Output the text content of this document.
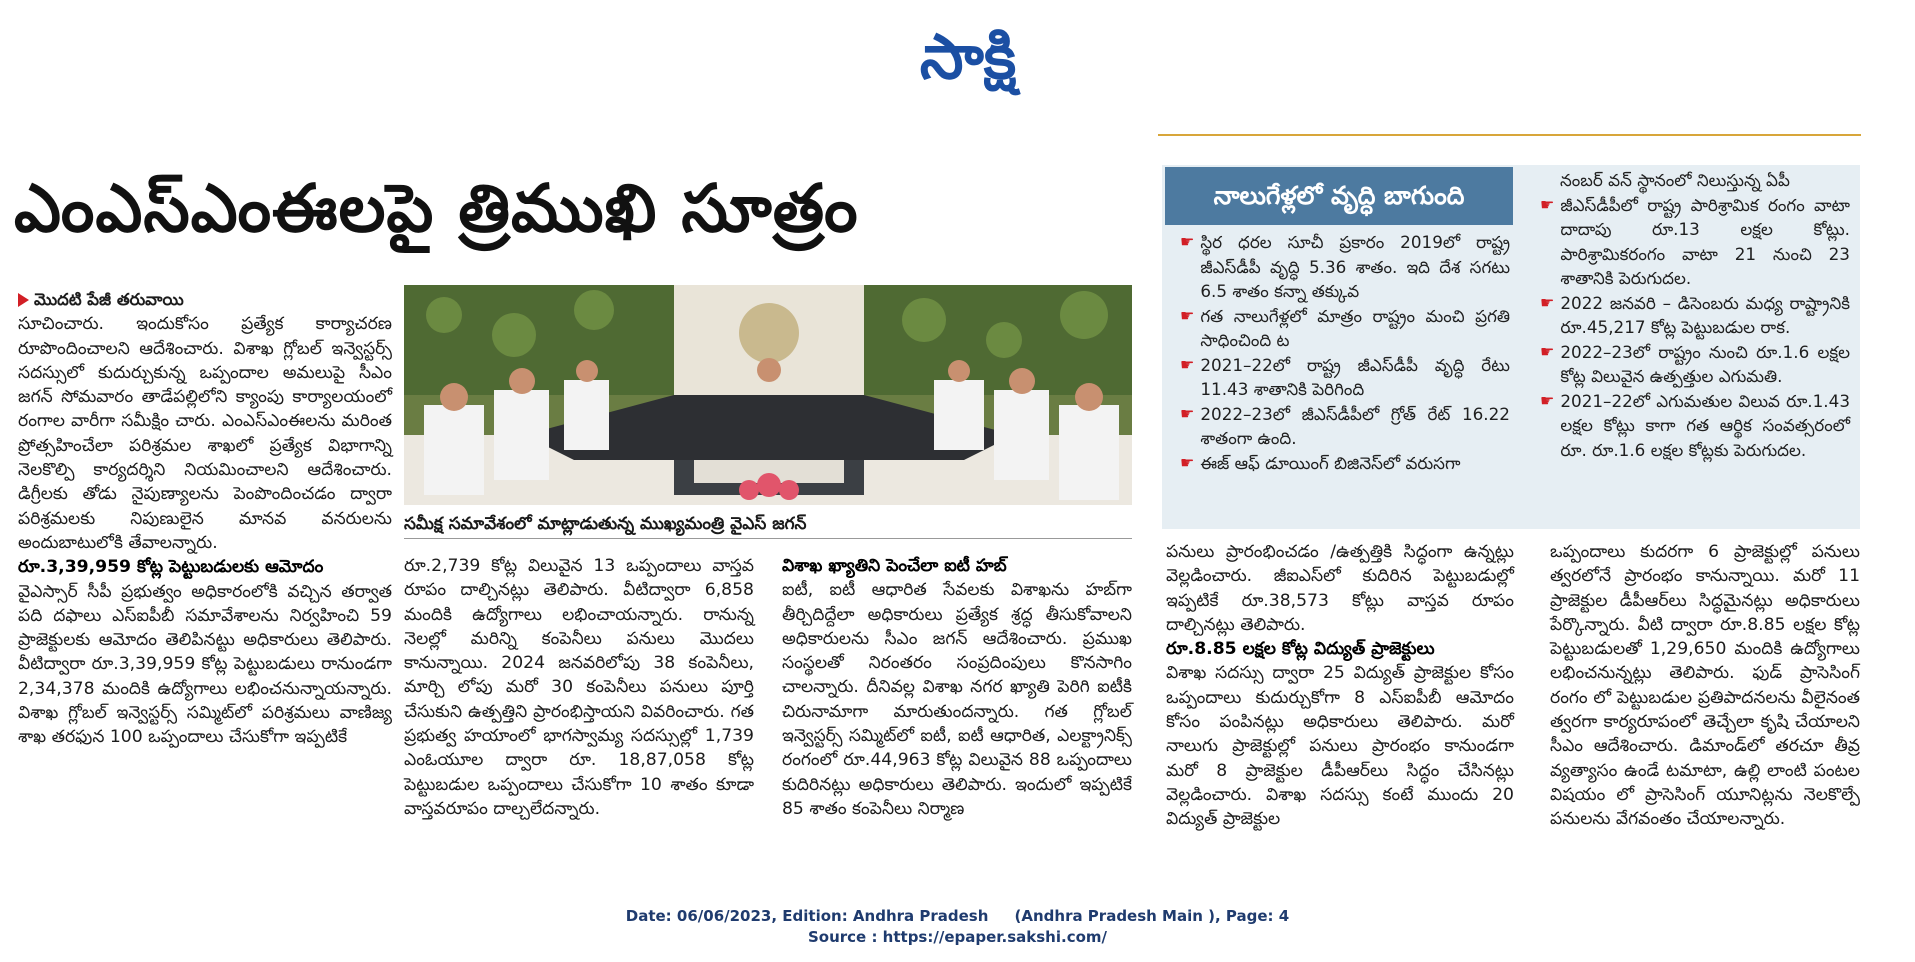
సాక్షి
ఎంఎస్‌ఎంఈలపై త్రిముఖి సూత్రం
మొదటి పేజీ తరువాయి

సూచించారు. ఇందుకోసం ప్రత్యేక కార్యాచరణ రూపొందించాలని ఆదేశించారు. విశాఖ గ్లోబల్ ఇన్వెస్టర్స్ సదస్సులో కుదుర్చుకున్న ఒప్పందాల అమలుపై సీఎం జగన్ సోమవారం తాడేపల్లిలోని క్యాంపు కార్యాలయంలో రంగాల వారీగా సమీక్షిం చారు. ఎంఎస్‌ఎంఈలను మరింత ప్రోత్సహించేలా పరిశ్రమల శాఖలో ప్రత్యేక విభాగాన్ని నెలకొల్పి కార్యదర్శిని నియమించాలని ఆదేశించారు. డిగ్రీలకు తోడు నైపుణ్యాలను పెంపొందించడం ద్వారా పరిశ్రమలకు నిపుణులైన మానవ వనరులను అందుబాటులోకి తేవాలన్నారు.

రూ.3,39,959 కోట్ల పెట్టుబడులకు ఆమోదం

వైఎస్సార్ సీపీ ప్రభుత్వం అధికారంలోకి వచ్చిన తర్వాత పది దఫాలు ఎస్‌ఐపీబీ సమావేశాలను నిర్వహించి 59 ప్రాజెక్టులకు ఆమోదం తెలిపినట్టు అధికారులు తెలిపారు. వీటిద్వారా రూ.3,39,959 కోట్ల పెట్టుబడులు రానుండగా 2,34,378 మందికి ఉద్యోగాలు లభించనున్నాయన్నారు. విశాఖ గ్లోబల్ ఇన్వెస్టర్స్ సమ్మిట్‌లో పరిశ్రమలు వాణిజ్య శాఖ తరఫున 100 ఒప్పందాలు చేసుకోగా ఇప్పటికే

సమీక్ష సమావేశంలో మాట్లాడుతున్న ముఖ్యమంత్రి వైఎస్ జగన్

రూ.2,739 కోట్ల విలువైన 13 ఒప్పందాలు వాస్తవ రూపం దాల్చినట్లు తెలిపారు. వీటిద్వారా 6,858 మందికి ఉద్యోగాలు లభించాయన్నారు. రానున్న నెలల్లో మరిన్ని కంపెనీలు పనులు మొదలు కానున్నాయి. 2024 జనవరిలోపు 38 కంపెనీలు, మార్చి లోపు మరో 30 కంపెనీలు పనులు పూర్తి చేసుకుని ఉత్పత్తిని ప్రారంభిస్తాయని వివరించారు. గత ప్రభుత్వ హయాంలో భాగస్వామ్య సదస్సుల్లో 1,739 ఎంఓయూల ద్వారా రూ. 18,87,058 కోట్ల పెట్టుబడుల ఒప్పందాలు చేసుకోగా 10 శాతం కూడా వాస్తవరూపం దాల్చలేదన్నారు.

విశాఖ ఖ్యాతిని పెంచేలా ఐటీ హబ్

ఐటీ, ఐటీ ఆధారిత సేవలకు విశాఖను హబ్‌గా తీర్చిదిద్దేలా అధికారులు ప్రత్యేక శ్రద్ధ తీసుకోవాలని అధికారులను సీఎం జగన్ ఆదేశించారు. ప్రముఖ సంస్థలతో నిరంతరం సంప్రదింపులు కొనసాగిం చాలన్నారు. దీనివల్ల విశాఖ నగర ఖ్యాతి పెరిగి ఐటీకి చిరునామాగా మారుతుందన్నారు. గత గ్లోబల్ ఇన్వెస్టర్స్ సమ్మిట్‌లో ఐటీ, ఐటీ ఆధారిత, ఎలక్ట్రానిక్స్ రంగంలో రూ.44,963 కోట్ల విలువైన 88 ఒప్పందాలు కుదిరినట్లు అధికారులు తెలిపారు. ఇందులో ఇప్పటికే 85 శాతం కంపెనీలు నిర్మాణ

నాలుగేళ్లలో వృద్ధి బాగుంది
☛ స్థిర ధరల సూచీ ప్రకారం 2019లో రాష్ట్ర జీఎస్‌డీపీ వృద్ధి 5.36 శాతం. ఇది దేశ సగటు 6.5 శాతం కన్నా తక్కువ
☛ గత నాలుగేళ్లలో మాత్రం రాష్ట్రం మంచి ప్రగతి సాధించింది ట
☛ 2021–22లో రాష్ట్ర జీఎస్‌డీపీ వృద్ధి రేటు 11.43 శాతానికి పెరిగింది
☛ 2022–23లో జీఎస్‌డీపీలో గ్రోత్ రేట్ 16.22 శాతంగా ఉంది.
☛ ఈజ్ ఆఫ్ డూయింగ్ బిజినెస్‌లో వరుసగా

నంబర్ వన్ స్థానంలో నిలుస్తున్న ఏపీ

☛ జీఎస్‌డీపీలో రాష్ట్ర పారిశ్రామిక రంగం వాటా దాదాపు రూ.13 లక్షల కోట్లు. పారిశ్రామికరంగం వాటా 21 నుంచి 23 శాతానికి పెరుగుదల.
☛ 2022 జనవరి – డిసెంబరు మధ్య రాష్ట్రానికి రూ.45,217 కోట్ల పెట్టుబడుల రాక.
☛ 2022–23లో రాష్ట్రం నుంచి రూ.1.6 లక్షల కోట్ల విలువైన ఉత్పత్తుల ఎగుమతి.
☛ 2021–22లో ఎగుమతుల విలువ రూ.1.43 లక్షల కోట్లు కాగా గత ఆర్థిక సంవత్సరంలో రూ. రూ.1.6 లక్షల కోట్లకు పెరుగుదల.

పనులు ప్రారంభించడం /ఉత్పత్తికి సిద్ధంగా ఉన్నట్లు వెల్లడించారు. జీఐఎస్‌లో కుదిరిన పెట్టుబడుల్లో ఇప్పటికే రూ.38,573 కోట్లు వాస్తవ రూపం దాల్చినట్లు తెలిపారు.

రూ.8.85 లక్షల కోట్ల విద్యుత్ ప్రాజెక్టులు

విశాఖ సదస్సు ద్వారా 25 విద్యుత్ ప్రాజెక్టుల కోసం ఒప్పందాలు కుదుర్చుకోగా 8 ఎస్‌ఐపీబీ ఆమోదం కోసం పంపినట్లు అధికారులు తెలిపారు. మరో నాలుగు ప్రాజెక్టుల్లో పనులు ప్రారంభం కానుండగా మరో 8 ప్రాజెక్టుల డీపీఆర్‌లు సిద్ధం చేసినట్లు వెల్లడించారు. విశాఖ సదస్సు కంటే ముందు 20 విద్యుత్ ప్రాజెక్టుల

ఒప్పందాలు కుదరగా 6 ప్రాజెక్టుల్లో పనులు త్వరలోనే ప్రారంభం కానున్నాయి. మరో 11 ప్రాజెక్టుల డీపీఆర్‌లు సిద్ధమైనట్లు అధికారులు పేర్కొన్నారు. వీటి ద్వారా రూ.8.85 లక్షల కోట్ల పెట్టుబడులతో 1,29,650 మందికి ఉద్యోగాలు లభించనున్నట్లు తెలిపారు. ఫుడ్ ప్రాసెసింగ్ రంగం లో పెట్టుబడుల ప్రతిపాదనలను వీలైనంత త్వరగా కార్యరూపంలో తెచ్చేలా కృషి చేయాలని సీఎం ఆదేశించారు. డిమాండ్‌లో తరచూ తీవ్ర వ్యత్యాసం ఉండే టమాటా, ఉల్లి లాంటి పంటల విషయం లో ప్రాసెసింగ్ యూనిట్లను నెలకొల్పే పనులను వేగవంతం చేయాలన్నారు.

Date: 06/06/2023, Edition: Andhra Pradesh     (Andhra Pradesh Main ), Page: 4
Source : https://epaper.sakshi.com/
